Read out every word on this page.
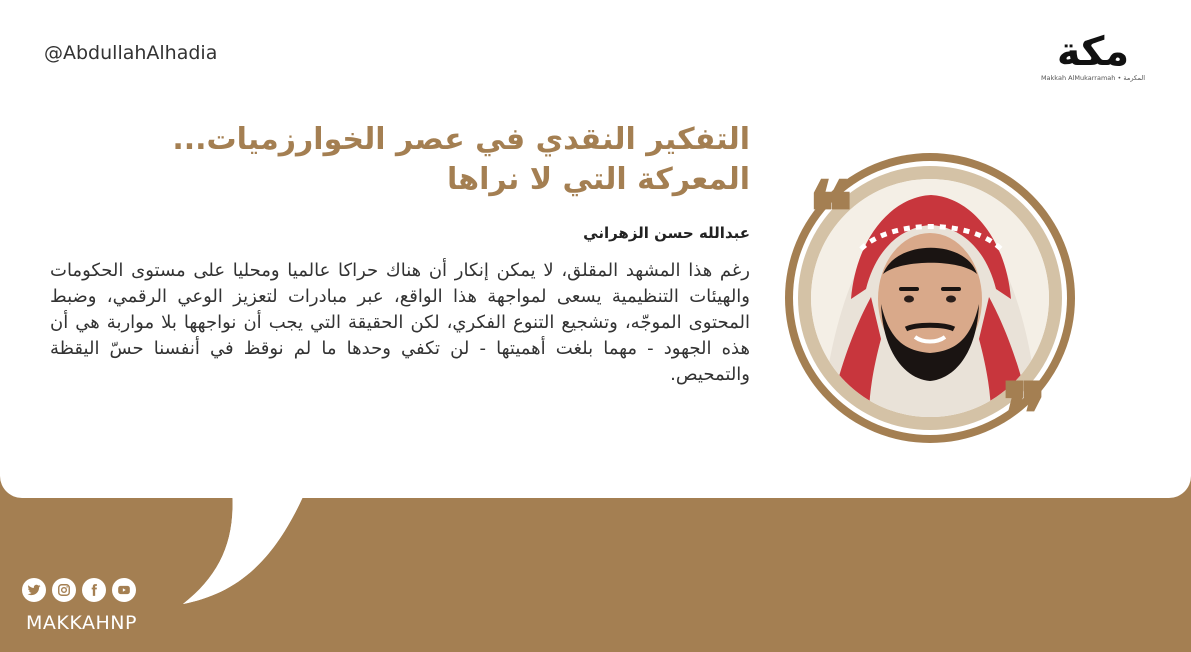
@AbdullahAlhadia	مكة
Makkah AlMukarramah • المكرمة
التفكير النقدي في عصر الخوارزميات...
المعركة التي لا نراها
عبدالله حسن الزهراني

رغم هذا المشهد المقلق، لا يمكن إنكار أن هناك حراكا عالميا ومحليا على مستوى الحكومات والهيئات التنظيمية يسعى لمواجهة هذا الواقع، عبر مبادرات لتعزيز الوعي الرقمي، وضبط المحتوى الموجّه، وتشجيع التنوع الفكري، لكن الحقيقة التي يجب أن نواجهها بلا مواربة هي أن هذه الجهود - مهما بلغت أهميتها - لن تكفي وحدها ما لم نوقظ في أنفسنا حسّ اليقظة والتمحيص.

❝
❞
MAKKAHNP
